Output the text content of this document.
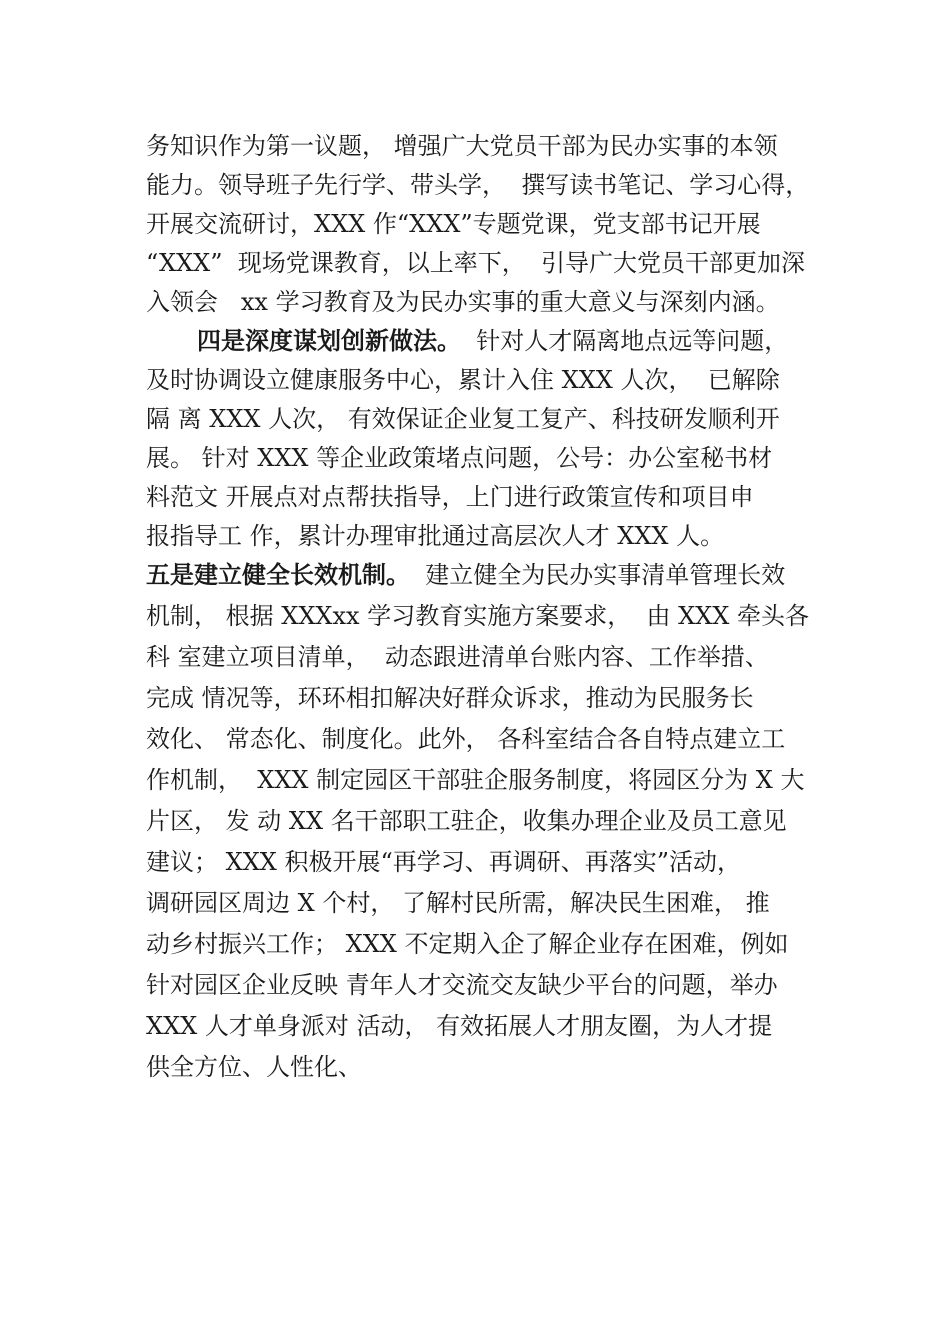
务知识作为第一议题， 增强广大党员干部为民办实事的本领
能力。领导班子先行学、带头学，  撰写读书笔记、学习心得，
开展交流研讨，XXX 作“XXX”专题党课，党支部书记开展
“XXX”  现场党课教育，以上率下，  引导广大党员干部更加深
入领会   xx 学习教育及为民办实事的重大意义与深刻内涵。
四是深度谋划创新做法。  针对人才隔离地点远等问题，
及时协调设立健康服务中心，累计入住 XXX 人次，  已解除
隔 离 XXX 人次， 有效保证企业复工复产、科技研发顺利开
展。 针对 XXX 等企业政策堵点问题，公号：办公室秘书材
料范文 开展点对点帮扶指导，上门进行政策宣传和项目申
报指导工 作，累计办理审批通过高层次人才 XXX 人。
五是建立健全长效机制。  建立健全为民办实事清单管理长效
机制， 根据 XXXxx 学习教育实施方案要求，  由 XXX 牵头各
科 室建立项目清单，  动态跟进清单台账内容、工作举措、
完成 情况等，环环相扣解决好群众诉求，推动为民服务长
效化、 常态化、制度化。此外， 各科室结合各自特点建立工
作机制，  XXX 制定园区干部驻企服务制度，将园区分为 X 大
片区， 发 动 XX 名干部职工驻企，收集办理企业及员工意见
建议； XXX 积极开展“再学习、再调研、再落实”活动，
调研园区周边 X 个村， 了解村民所需，解决民生困难， 推
动乡村振兴工作； XXX 不定期入企了解企业存在困难，例如
针对园区企业反映 青年人才交流交友缺少平台的问题，举办
XXX 人才单身派对 活动， 有效拓展人才朋友圈，为人才提
供全方位、人性化、
